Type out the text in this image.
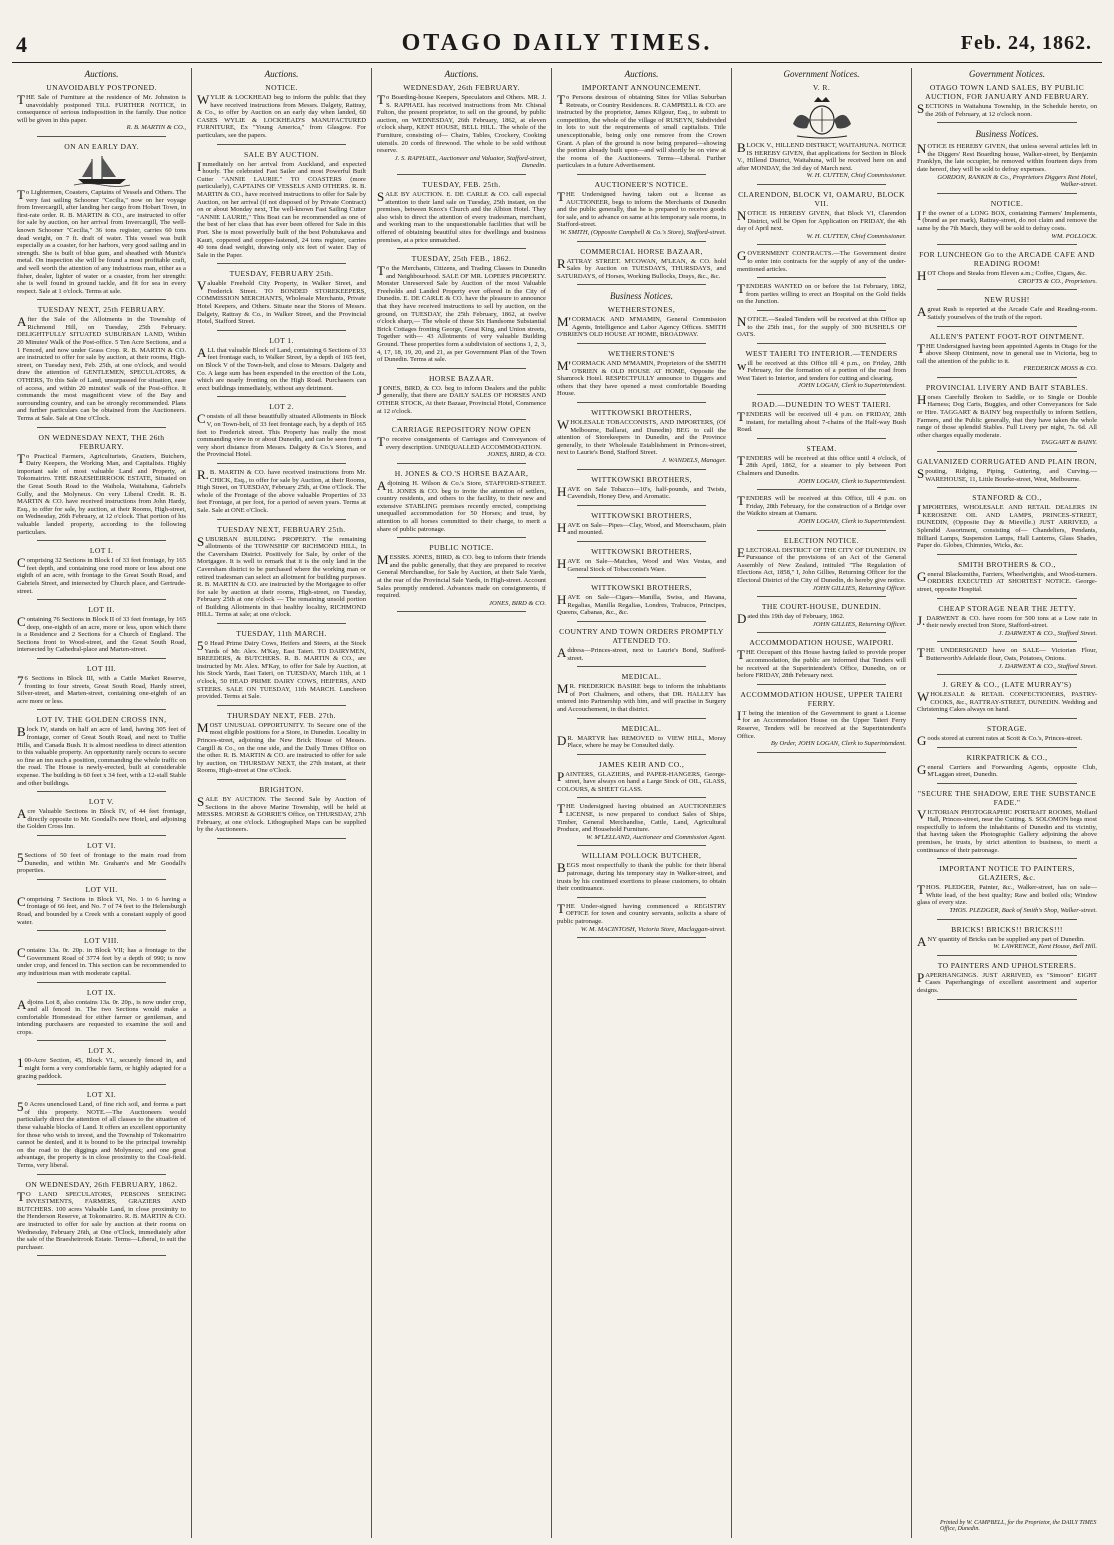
4	OTAGO DAILY TIMES.	Feb. 24, 1862.
Auctions.
UNAVOIDABLY POSTPONED.
THE Sale of Furniture at the residence of Mr. Johnston is unavoidably postponed TILL FURTHER NOTICE, in consequence of serious indisposition in the family. Due notice will be given in this paper.
R. B. MARTIN & CO.,
ON AN EARLY DAY.
To Lightermen, Coasters, Captains of Vessels and Others. The very fast sailing Schooner "Cecilia," now on her voyage from Invercargill, after landing her cargo from Hobart Town, in first-rate order. R. B. MARTIN & CO., are instructed to offer for sale by auction, on her arrival from Invercargill, The well-known Schooner "Cecilia," 36 tons register, carries 60 tons dead weight, on 7 ft. draft of water. This vessel was built especially as a coaster, for her harbors, very good sailing and in strength. She is built of blue gum, and sheathed with Muntz's metal. On inspection she will be found a most profitable craft, and well worth the attention of any industrious man, either as a fisher, dealer, lighter of water or a coaster, from her strength: she is well found in ground tackle, and fit for sea in every respect. Sale at 1 o'clock. Terms at sale.
TUESDAY NEXT, 25th FEBRUARY.
After the Sale of the Allotments in the Township of Richmond Hill, on Tuesday, 25th February. DELIGHTFULLY SITUATED SUBURBAN LAND, Within 20 Minutes' Walk of the Post-office. 5 Ten Acre Sections, and a 1 Fenced, and now under Grass Crop. R. B. MARTIN & CO. are instructed to offer for sale by auction, at their rooms, High-street, on Tuesday next, Feb. 25th, at one o'clock, and would draw the attention of GENTLEMEN, SPECULATORS, & OTHERS, To this Sale of Land, unsurpassed for situation, ease of access, and within 20 minutes' walk of the Post-office. It commands the most magnificent view of the Bay and surrounding country, and can be strongly recommended. Plans and further particulars can be obtained from the Auctioneers. Terms at Sale. Sale at One o'Clock.
ON WEDNESDAY NEXT, THE 26th FEBRUARY.
To Practical Farmers, Agriculturists, Graziers, Butchers, Dairy Keepers, the Working Man, and Capitalists. Highly important sale of most valuable Land and Property, at Tokomairiro. THE BRAESHEIRROOK ESTATE, Situated on the Great South Road to the Waihola, Waitahuna, Gabriel's Gully, and the Molyneux. On very Liberal Credit. R. B. MARTIN & CO. have received instructions from John Hardy, Esq., to offer for sale, by auction, at their Rooms, High-street, on Wednesday, 26th February, at 12 o'clock. That portion of his valuable landed property, according to the following particulars.
LOT I.
Comprising 32 Sections in Block I of 33 feet frontage, by 165 feet depth, and containing one rood more or less about one eighth of an acre, with frontage to the Great South Road, and Gabriels Street, and intersected by Church place, and Gertrude-street.
LOT II.
Containing 76 Sections in Block II of 33 feet frontage, by 165 deep, one-eighth of an acre, more or less, upon which there is a Residence and 2 Sections for a Church of England. The Sections front to Wood-street, and the Great South Road, intersected by Cathedral-place and Marten-street.
LOT III.
76 Sections in Block III, with a Cattle Market Reserve, fronting to four streets, Great South Road, Hardy street, Silver-street, and Marten-street, containing one-eighth of an acre more or less.
LOT IV. THE GOLDEN CROSS INN,
Block IV, stands on half an acre of land, having 305 feet of frontage, corner of Great South Road, and next to Tuffie Hills, and Canada Bush. It is almost needless to direct attention to this valuable property. An opportunity rarely occurs to secure so fine an inn such a position, commanding the whole traffic on the road. The House is newly-erected, built at considerable expense. The building is 60 feet x 34 feet, with a 12-stall Stable and other buildings.
LOT V.
Acre Valuable Sections in Block IV, of 44 feet frontage, directly opposite to Mr. Goodall's new Hotel, and adjoining the Golden Cross Inn.
LOT VI.
5Sections of 50 feet of frontage to the main road from Dunedin, and within Mr. Graham's and Mr Goodall's properties.
LOT VII.
Comprising 7 Sections in Block VI, No. 1 to 6 having a frontage of 66 feet, and No. 7 of 74 feet to the Helensburgh Road, and bounded by a Creek with a constant supply of good water.
LOT VIII.
Contains 13a. 0r. 20p. in Block VII; has a frontage to the Government Road of 3774 feet by a depth of 990; is now under crop, and fenced in. This section can be recommended to any industrious man with moderate capital.
LOT IX.
Adjoins Lot 8, also contains 13a. 0r. 20p., is now under crop, and all fenced in. The two Sections would make a comfortable Homestead for either farmer or gentleman, and intending purchasers are requested to examine the soil and crops.
LOT X.
100-Acre Section, 45, Block VI., securely fenced in, and might form a very comfortable farm, or highly adapted for a grazing paddock.
LOT XI.
50 Acres unenclosed Land, of fine rich soil, and forms a part of this property. NOTE.—The Auctioneers would particularly direct the attention of all classes to the situation of these valuable blocks of Land. It offers an excellent opportunity for those who wish to invest, and the Township of Tokomairiro cannot be denied, and it is bound to be the principal township on the road to the diggings and Molyneux; and one great advantage, the property is in close proximity to the Coal-field. Terms, very liberal.
ON WEDNESDAY, 26th FEBRUARY, 1862.
TO LAND SPECULATORS, PERSONS SEEKING INVESTMENTS, FARMERS, GRAZIERS AND BUTCHERS. 100 acres Valuable Land, in close proximity to the Henderson Reserve, at Tokomairiro. R. B. MARTIN & CO. are instructed to offer for sale by auction at their rooms on Wednesday, February 26th, at One o'Clock, immediately after the sale of the Braesheirrook Estate. Terms—Liberal, to suit the purchaser.
Auctions.
NOTICE.
WYLIE & LOCKHEAD beg to inform the public that they have received instructions from Messrs. Dalgety, Rattray, & Co., to offer by Auction on an early day when landed, 60 CASES WYLIE & LOCKHEAD'S MANUFACTURED FURNITURE, Ex "Young America," from Glasgow. For particulars, see the papers.
SALE BY AUCTION.
Immediately on her arrival from Auckland, and expected hourly. The celebrated Fast Sailer and most Powerful Built Cutter "ANNIE LAURIE." TO COASTERS (more particularly), CAPTAINS OF VESSELS AND OTHERS. R. B. MARTIN & CO., have received instructions to offer for Sale by Auction, on her arrival (if not disposed of by Private Contract) on or about Monday next, The well-known Fast Sailing Cutter "ANNIE LAURIE," This Boat can be recommended as one of the best of her class that has ever been offered for Sale in this Port. She is most powerfully built of the best Pohutukawa and Kauri, coppered and copper-fastened, 24 tons register, carries 40 tons dead weight, drawing only six feet of water. Day of Sale in the Paper.
TUESDAY, FEBRUARY 25th.
Valuable Freehold City Property, in Walker Street, and Frederick Street. TO BONDED STOREKEEPERS, COMMISSION MERCHANTS, Wholesale Merchants, Private Hotel Keepers, and Others. Situate near the Stores of Messrs. Dalgety, Rattray & Co., in Walker Street, and the Provincial Hotel, Stafford Street.
LOT 1.
ALL that valuable Block of Land, containing 6 Sections of 33 feet frontage each, to Walker Street, by a depth of 165 feet, on Block V of the Town-belt, and close to Messrs. Dalgety and Co. A large sum has been expended in the erection of the Lots, which are nearly fronting on the High Road. Purchasers can erect buildings immediately, without any detriment.
LOT 2.
Consists of all these beautifully situated Allotments in Block V, on Town-belt, of 33 feet frontage each, by a depth of 165 feet to Frederick street. This Property has really the most commanding view in or about Dunedin, and can be seen from a very short distance from Messrs. Dalgety & Co.'s Stores, and the Provincial Hotel.
R.B. MARTIN & CO. have received instructions from Mr. CHICK, Esq., to offer for sale by Auction, at their Rooms, High Street, on TUESDAY, February 25th, at One o'Clock. The whole of the Frontage of the above valuable Properties of 33 feet Frontage, at per foot, for a period of seven years. Terms at Sale. Sale at ONE o'Clock.
TUESDAY NEXT, FEBRUARY 25th.
SUBURBAN BUILDING PROPERTY. The remaining allotments of the TOWNSHIP OF RICHMOND HILL, In the Caversham District. Positively for Sale, by order of the Mortgagee. It is well to remark that it is the only land in the Caversham district to be purchased where the working man or retired tradesman can select an allotment for building purposes. R. B. MARTIN & CO. are instructed by the Mortgagee to offer for sale by auction at their rooms, High-street, on Tuesday, February 25th at one o'clock — The remaining unsold portion of Building Allotments in that healthy locality, RICHMOND HILL. Terms at sale; at one o'clock.
TUESDAY, 11th MARCH.
50 Head Prime Dairy Cows, Heifers and Steers, at the Stock Yards of Mr. Alex. M'Kay, East Taieri. TO DAIRYMEN, BREEDERS, & BUTCHERS. R. B. MARTIN & CO., are instructed by Mr. Alex. M'Kay, to offer for Sale by Auction, at his Stock Yards, East Taieri, on TUESDAY, March 11th, at 1 o'clock, 50 HEAD PRIME DAIRY COWS, HEIFERS, AND STEERS. SALE ON TUESDAY, 11th MARCH. Luncheon provided. Terms at Sale.
THURSDAY NEXT, FEB. 27th.
MOST UNUSUAL OPPORTUNITY. To Secure one of the most eligible positions for a Store, in Dunedin. Locality in Princes-street, adjoining the New Brick House of Messrs. Cargill & Co., on the one side, and the Daily Times Office on the other. R. B. MARTIN & CO. are instructed to offer for sale by auction, on THURSDAY NEXT, the 27th instant, at their Rooms, High-street at One o'Clock.
BRIGHTON.
SALE BY AUCTION. The Second Sale by Auction of Sections in the above Marine Township, will be held at MESSRS. MORSE & GORRIE'S Office, on THURSDAY, 27th February, at one o'clock. Lithographed Maps can be supplied by the Auctioneers.
Auctions.
WEDNESDAY, 26th FEBRUARY.
To Boarding-house Keepers, Speculators and Others. MR. J. S. RAPHAEL has received instructions from Mr. Chisnal Fulton, the present proprietor, to sell on the ground, by public auction, on WEDNESDAY, 26th February, 1862, at eleven o'clock sharp, KENT HOUSE, BELL HILL. The whole of the Furniture, consisting of— Chairs, Tables, Crockery, Cooking utensils. 20 cords of firewood. The whole to be sold without reserve.
J. S. RAPHAEL, Auctioneer and Valuator, Stafford-street, Dunedin.
TUESDAY, FEB. 25th.
SALE BY AUCTION. E. DE CARLE & CO. call especial attention to their land sale on Tuesday, 25th instant, on the premises, between Knox's Church and the Albion Hotel. They also wish to direct the attention of every tradesman, merchant, and working man to the unquestionable facilities that will be offered of obtaining beautiful sites for dwellings and business premises, at a price unmatched.
TUESDAY, 25th FEB., 1862.
To the Merchants, Citizens, and Trading Classes in Dunedin and Neighbourhood. SALE OF MR. LOPER'S PROPERTY. Monster Unreserved Sale by Auction of the most Valuable Freeholds and Landed Property ever offered in the City of Dunedin. E. DE CARLE & CO. have the pleasure to announce that they have received instructions to sell by auction, on the ground, on TUESDAY, the 25th February, 1862, at twelve o'clock sharp,— The whole of those Six Handsome Substantial Brick Cottages fronting George, Great King, and Union streets, Together with— 43 Allotments of very valuable Building Ground. These properties form a subdivision of sections 1, 2, 3, 4, 17, 18, 19, 20, and 21, as per Government Plan of the Town of Dunedin. Terms at sale.
HORSE BAZAAR.
JONES, BIRD, & CO. beg to inform Dealers and the public generally, that there are DAILY SALES OF HORSES AND OTHER STOCK, At their Bazaar, Provincial Hotel, Commence at 12 o'clock.
CARRIAGE REPOSITORY NOW OPEN
To receive consignments of Carriages and Conveyances of every description. UNEQUALLED ACCOMMODATION.
JONES, BIRD, & CO.
H. JONES & CO.'S HORSE BAZAAR,
Adjoining H. Wilson & Co.'s Store, STAFFORD-STREET. H. JONES & CO. beg to invite the attention of settlers, country residents, and others to the facility, to their new and extensive STABLING premises recently erected, comprising unequalled accommodation for 50 Horses; and trust, by attention to all horses committed to their charge, to merit a share of public patronage.
PUBLIC NOTICE.
MESSRS. JONES, BIRD, & CO. beg to inform their friends and the public generally, that they are prepared to receive General Merchandise, for Sale by Auction, at their Sale Yards, at the rear of the Provincial Sale Yards, in High-street. Account Sales promptly rendered. Advances made on consignments, if required.
JONES, BIRD & CO.
Auctions.
IMPORTANT ANNOUNCEMENT.
To Persons desirous of obtaining Sites for Villas Suburban Retreats, or Country Residences. R. CAMPBELL & CO. are instructed by the proprietor, James Kilgour, Esq., to submit to competition, the whole of the village of RUSEYN, Subdivided in lots to suit the requirements of small capitalists. Title unexceptionable, being only one remove from the Crown Grant. A plan of the ground is now being prepared—showing the portion already built upon—and will shortly be on view at the rooms of the Auctioneers. Terms—Liberal. Further particulars in a future Advertisement.
AUCTIONEER'S NOTICE.
THE Undersigned having taken out a license as AUCTIONEER, begs to inform the Merchants of Dunedin and the public generally, that he is prepared to receive goods for sale, and to advance on same at his temporary sale rooms, in Stafford-street.
W. SMITH, (Opposite Campbell & Co.'s Store), Stafford-street.
COMMERCIAL HORSE BAZAAR,
RATTRAY STREET. M'COWAN, M'LEAN, & CO. hold Sales by Auction on TUESDAYS, THURSDAYS, and SATURDAYS, of Horses, Working Bullocks, Drays, &c., &c.
Business Notices.
WETHERSTONES,
M'CORMACK AND M'MAMIN, General Commission Agents, Intelligence and Labor Agency Offices. SMITH O'BRIEN'S OLD HOUSE AT HOME, BROADWAY.
WETHERSTONE'S
M'CORMACK AND M'MAMIN, Proprietors of the SMITH O'BRIEN & OLD HOUSE AT HOME, Opposite the Shamrock Hotel. RESPECTFULLY announce to Diggers and others that they have opened a most comfortable Boarding House.
WITTKOWSKI BROTHERS,
WHOLESALE TOBACCONISTS, AND IMPORTERS, (Of Melbourne, Ballarat, and Dunedin) BEG to call the attention of Storekeepers in Dunedin, and the Province generally, to their Wholesale Establishment in Princes-street, next to Laurie's Bond, Stafford Street.
J. WANDELS, Manager.
WITTKOWSKI BROTHERS,
HAVE on Sale Tobacco—10's, half-pounds, and Twists, Cavendish, Honey Dew, and Aromatic.
WITTKOWSKI BROTHERS,
HAVE on Sale—Pipes—Clay, Wood, and Meerschaum, plain and mounted.
WITTKOWSKI BROTHERS,
HAVE on Sale—Matches, Wood and Wax Vestas, and General Stock of Tobacconist's Ware.
WITTKOWSKI BROTHERS,
HAVE on Sale—Cigars—Manilla, Swiss, and Havana, Regalias, Manilla Regalias, Londres, Trabucos, Principes, Queens, Cabanas, &c., &c.
COUNTRY AND TOWN ORDERS PROMPTLY ATTENDED TO.
Address—Princes-street, next to Laurie's Bond, Stafford-street.
MEDICAL.
MR. FREDERICK BASIRE begs to inform the inhabitants of Port Chalmers, and others, that DR. HALLEY has entered into Partnership with him, and will practise in Surgery and Accouchement, in that district.
MEDICAL.
DR. MARTYR has REMOVED to VIEW HILL, Moray Place, where he may be Consulted daily.
JAMES KEIR AND CO.,
PAINTERS, GLAZIERS, and PAPER-HANGERS, George-street, have always on hand a Large Stock of OIL, GLASS, COLOURS, & SHEET GLASS.
THE Undersigned having obtained an AUCTIONEER'S LICENSE, is now prepared to conduct Sales of Ships, Timber, General Merchandise, Cattle, Land, Agricultural Produce, and Household Furniture.
W. M'LELLAND, Auctioneer and Commission Agent.
WILLIAM POLLOCK BUTCHER,
BEGS most respectfully to thank the public for their liberal patronage, during his temporary stay in Walker-street, and trusts by his continued exertions to please customers, to obtain their continuance.
THE Under-signed having commenced a REGISTRY OFFICE for town and country servants, solicits a share of public patronage.
W. M. MACINTOSH, Victoria Store, Maclaggan-street.
Government Notices.
V. R.
BLOCK V., HILLEND DISTRICT, WAITAHUNA. NOTICE IS HEREBY GIVEN, that applications for Section in Block V., Hillend District, Waitahuna, will be received here on and after MONDAY, the 3rd day of March next.
W. H. CUTTEN, Chief Commissioner.
CLARENDON, BLOCK VI, OAMARU, BLOCK VII.
NOTICE IS HEREBY GIVEN, that Block VI, Clarendon District, will be Open for Application on FRIDAY, the 4th day of April next.
W. H. CUTTEN, Chief Commissioner.
GOVERNMENT CONTRACTS.—The Government desire to enter into contracts for the supply of any of the under-mentioned articles.
TENDERS WANTED on or before the 1st February, 1862, from parties willing to erect an Hospital on the Gold fields on the Junction.
NOTICE.—Sealed Tenders will be received at this Office up to the 25th inst., for the supply of 300 BUSHELS OF OATS.
WEST TAIERI TO INTERIOR.—TENDERS
will be received at this Office till 4 p.m., on Friday, 28th February, for the formation of a portion of the road from West Taieri to Interior, and tenders for cutting and clearing.
JOHN LOGAN, Clerk to Superintendent.
ROAD.—DUNEDIN TO WEST TAIERI.
TENDERS will be received till 4 p.m. on FRIDAY, 28th instant, for metalling about 7-chains of the Half-way Bush Road.
STEAM.
TENDERS will be received at this office until 4 o'clock, of 28th April, 1862, for a steamer to ply between Port Chalmers and Dunedin.
JOHN LOGAN, Clerk to Superintendent.
TENDERS will be received at this Office, till 4 p.m. on Friday, 28th February, for the construction of a Bridge over the Waikito stream at Oamaru.
JOHN LOGAN, Clerk to Superintendent.
ELECTION NOTICE.
ELECTORAL DISTRICT OF THE CITY OF DUNEDIN. IN Pursuance of the provisions of an Act of the General Assembly of New Zealand, intituled "The Regulation of Elections Act, 1858," I, John Gillies, Returning Officer for the Electoral District of the City of Dunedin, do hereby give notice.
JOHN GILLIES, Returning Officer.
THE COURT-HOUSE, DUNEDIN.
Dated this 19th day of February, 1862.
JOHN GILLIES, Returning Officer.
ACCOMMODATION HOUSE, WAIPORI.
THE Occupant of this House having failed to provide proper accommodation, the public are informed that Tenders will be received at the Superintendent's Office, Dunedin, on or before FRIDAY, 28th February next.
ACCOMMODATION HOUSE, UPPER TAIERI FERRY.
IT being the intention of the Government to grant a License for an Accommodation House on the Upper Taieri Ferry Reserve, Tenders will be received at the Superintendent's Office.
By Order, JOHN LOGAN, Clerk to Superintendent.
Government Notices.
OTAGO TOWN LAND SALES, BY PUBLIC AUCTION, FOR JANUARY AND FEBRUARY.
SECTIONS in Waitahuna Township, in the Schedule hereto, on the 26th of February, at 12 o'clock noon.
Business Notices.
NOTICE IS HEREBY GIVEN, that unless several articles left in the Diggers' Rest Boarding house, Walker-street, by Benjamin Franklyn, the late occupier, be removed within fourteen days from date hereof, they will be sold to defray expenses.
GORDON, RANKIN & Co., Proprietors Diggers Rest Hotel, Walker-street.
NOTICE.
IF the owner of a LONG BOX, containing Farmers' Implements, (brand as per mark), Rattray-street, do not claim and remove the same by the 7th March, they will be sold to defray costs.
WM. POLLOCK.
FOR LUNCHEON Go to the ARCADE CAFE AND READING ROOM!
HOT Chops and Steaks from Eleven a.m.; Coffee, Cigars, &c.
CROFTS & CO., Proprietors.
NEW RUSH!
Agreat Rush is reported at the Arcade Cafe and Reading-room. Satisfy yourselves of the truth of the report.
ALLEN'S PATENT FOOT-ROT OINTMENT.
THE Undersigned having been appointed Agents in Otago for the above Sheep Ointment, now in general use in Victoria, beg to call the attention of the public to it.
FREDERICK MOSS & CO.
PROVINCIAL LIVERY AND BAIT STABLES.
Horses Carefully Broken to Saddle, or to Single or Double Harness; Dog Carts, Buggies, and other Conveyances for Sale or Hire. TAGGART & BAINY beg respectfully to inform Settlers, Farmers, and the Public generally, that they have taken the whole range of those splendid Stables. Full Livery per night, 7s. 6d. All other charges equally moderate.
TAGGART & BAINY.
GALVANIZED CORRUGATED AND PLAIN IRON,
Spouting, Ridging, Piping, Guttering, and Curving.—WAREHOUSE, 11, Little Bourke-street, West, Melbourne.
STANFORD & CO.,
IMPORTERS, WHOLESALE AND RETAIL DEALERS IN KEROSENE OIL AND LAMPS, PRINCES-STREET, DUNEDIN, (Opposite Day & Mieville.) JUST ARRIVED, a Splendid Assortment, consisting of— Chandeliers, Pendants, Billiard Lamps, Suspension Lamps, Hall Lanterns, Glass Shades, Paper do. Globes, Chimnies, Wicks, &c.
SMITH BROTHERS & CO.,
General Blacksmiths, Farriers, Wheelwrights, and Wood-turners. ORDERS EXECUTED AT SHORTEST NOTICE. George-street, opposite Hospital.
CHEAP STORAGE NEAR THE JETTY.
J.DARWENT & CO. have room for 500 tons at a Low rate in their newly erected Iron Store, Stafford-street.
J. DARWENT & CO., Stafford Street.
THE UNDERSIGNED have on SALE— Victorian Flour, Butterworth's Adelaide flour, Oats, Potatoes, Onions.
J. DARWENT & CO., Stafford Street.
J. GREY & CO., (LATE MURRAY'S)
WHOLESALE & RETAIL CONFECTIONERS, PASTRY-COOKS, &c., RATTRAY-STREET, DUNEDIN. Wedding and Christening Cakes always on hand.
STORAGE.
Goods stored at current rates at Scott & Co.'s, Princes-street.
KIRKPATRICK & CO.,
General Carriers and Forwarding Agents, opposite Club, M'Laggan street, Dunedin.
"SECURE THE SHADOW, ERE THE SUBSTANCE FADE."
VICTORIAN PHOTOGRAPHIC PORTRAIT ROOMS, Mollard Hall, Princes-street, near the Cutting. S. SOLOMON begs most respectfully to inform the inhabitants of Dunedin and its vicinity, that having taken the Photographic Gallery adjoining the above premises, he trusts, by strict attention to business, to merit a continuance of their patronage.
IMPORTANT NOTICE TO PAINTERS, GLAZIERS, &c.
THOS. PLEDGER, Painter, &c., Walker-street, has on sale— White lead, of the best quality; Raw and boiled oils; Window glass of every size.
THOS. PLEDGER, Back of Smith's Shop, Walker-street.
BRICKS! BRICKS!! BRICKS!!!
ANY quantity of Bricks can be supplied any part of Dunedin.
W. LAWRENCE, Kent House, Bell Hill.
TO PAINTERS AND UPHOLSTERERS.
PAPERHANGINGS. JUST ARRIVED, ex "Simoon" EIGHT Cases Paperhangings of excellent assortment and superior designs.
Printed by W. CAMPBELL, for the Proprietor, the DAILY TIMES Office, Dunedin.
